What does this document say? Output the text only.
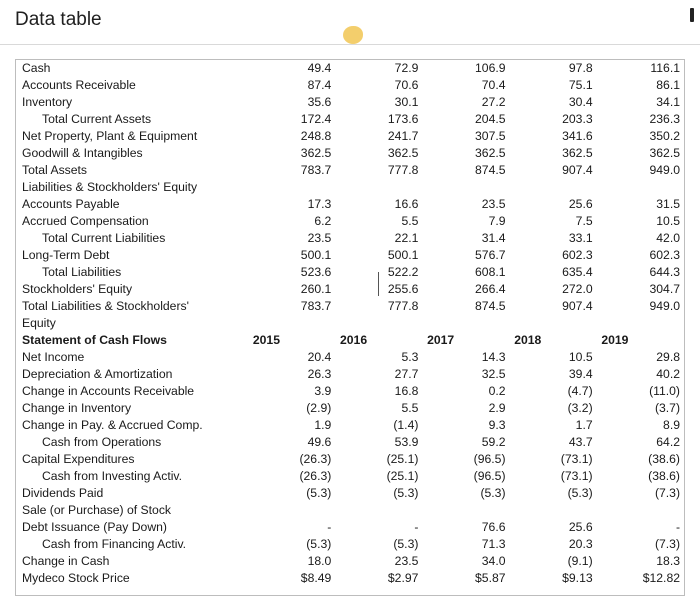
Data table
Cash		49.4		72.9		106.9		97.8		116.1
Accounts Receivable		87.4		70.6		70.4		75.1		86.1
Inventory		35.6		30.1		27.2		30.4		34.1
Total Current Assets		172.4		173.6		204.5		203.3		236.3
Net Property, Plant & Equipment		248.8		241.7		307.5		341.6		350.2
Goodwill & Intangibles		362.5		362.5		362.5		362.5		362.5
Total Assets		783.7		777.8		874.5		907.4		949.0
Liabilities & Stockholders' Equity										
Accounts Payable		17.3		16.6		23.5		25.6		31.5
Accrued Compensation		6.2		5.5		7.9		7.5		10.5
Total Current Liabilities		23.5		22.1		31.4		33.1		42.0
Long-Term Debt		500.1		500.1		576.7		602.3		602.3
Total Liabilities		523.6		522.2		608.1		635.4		644.3
Stockholders' Equity		260.1		255.6		266.4		272.0		304.7
Total Liabilities & Stockholders'		783.7		777.8		874.5		907.4		949.0
Equity										
Statement of Cash Flows	2015		2016		2017		2018		2019	
Net Income		20.4		5.3		14.3		10.5		29.8
Depreciation & Amortization		26.3		27.7		32.5		39.4		40.2
Change in Accounts Receivable		3.9		16.8		0.2		(4.7)		(11.0)
Change in Inventory		(2.9)		5.5		2.9		(3.2)		(3.7)
Change in Pay. & Accrued Comp.		1.9		(1.4)		9.3		1.7		8.9
Cash from Operations		49.6		53.9		59.2		43.7		64.2
Capital Expenditures		(26.3)		(25.1)		(96.5)		(73.1)		(38.6)
Cash from Investing Activ.		(26.3)		(25.1)		(96.5)		(73.1)		(38.6)
Dividends Paid		(5.3)		(5.3)		(5.3)		(5.3)		(7.3)
Sale (or Purchase) of Stock										
Debt Issuance (Pay Down)		-		-		76.6		25.6		-
Cash from Financing Activ.		(5.3)		(5.3)		71.3		20.3		(7.3)
Change in Cash		18.0		23.5		34.0		(9.1)		18.3
Mydeco Stock Price		$8.49		$2.97		$5.87		$9.13		$12.82
